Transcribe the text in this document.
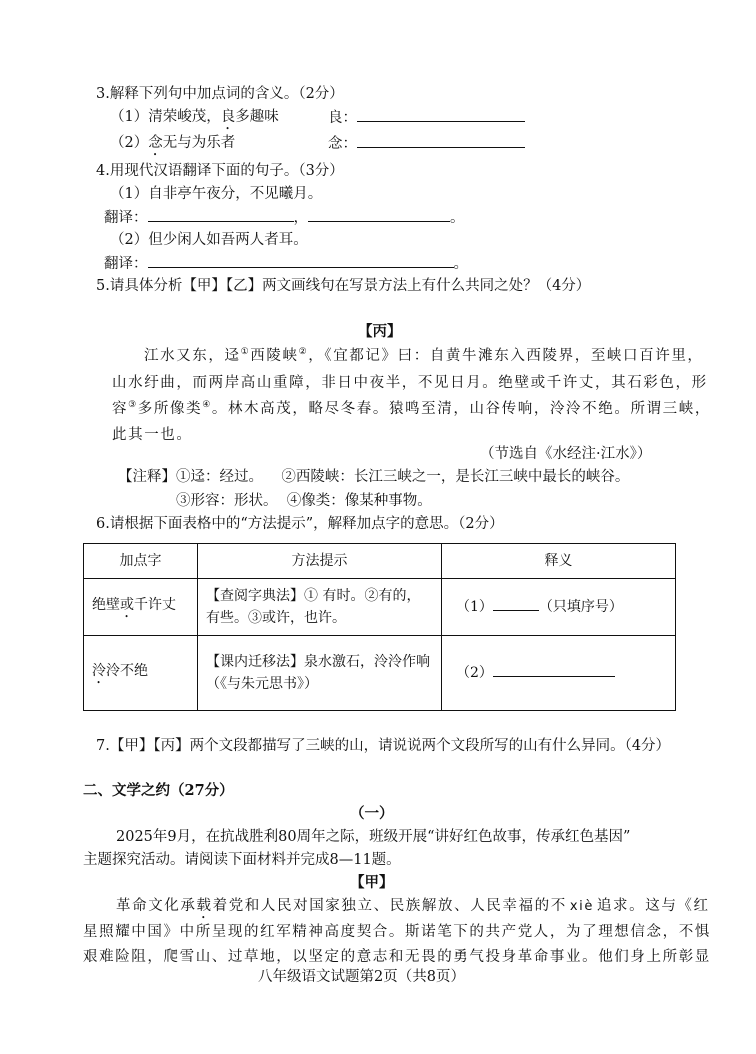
3.解释下列句中加点词的含义。（2分）
（1）清荣峻茂，良多趣味	良：
（2）念无与为乐者	念：
4.用现代汉语翻译下面的句子。（3分）
（1）自非亭午夜分，不见曦月。
翻译：	，	。
（2）但少闲人如吾两人者耳。
翻译：	。
5.请具体分析【甲】【乙】两文画线句在写景方法上有什么共同之处？（4分）
【丙】
江水又东，迳①西陵峡②，《宜都记》曰：自黄牛滩东入西陵界，至峡口百许里，
山水纡曲，而两岸高山重障，非日中夜半，不见日月。绝壁或千许丈，其石彩色，形
容③多所像类④。林木高茂，略尽冬春。猿鸣至清，山谷传响，泠泠不绝。所谓三峡，
此其一也。
（节选自《水经注·江水》）
【注释】①迳：经过。    ②西陵峡：长江三峡之一，是长江三峡中最长的峡谷。
③形容：形状。  ④像类：像某种事物。
6.请根据下面表格中的“方法提示”，解释加点字的意思。（2分）
加点字	方法提示	释义
绝壁或千许丈	【查阅字典法】① 有时。②有的，有些。③或许，也许。	（1） （只填序号）
泠泠不绝	【课内迁移法】泉水激石，泠泠作响（《与朱元思书》）	（2）
7.【甲】【丙】两个文段都描写了三峡的山，请说说两个文段所写的山有什么异同。（4分）
二、文学之约（27分）
（一）
2025年9月，在抗战胜利80周年之际，班级开展“讲好红色故事，传承红色基因”
主题探究活动。请阅读下面材料并完成8—11题。
【甲】
革命文化承载着党和人民对国家独立、民族解放、人民幸福的不 xiè 追求。这与《红
星照耀中国》中所呈现的红军精神高度契合。斯诺笔下的共产党人，为了理想信念，不惧
艰难险阻，爬雪山、过草地，以坚定的意志和无畏的勇气投身革命事业。他们身上所彰显
八年级语文试题第2页（共8页）
